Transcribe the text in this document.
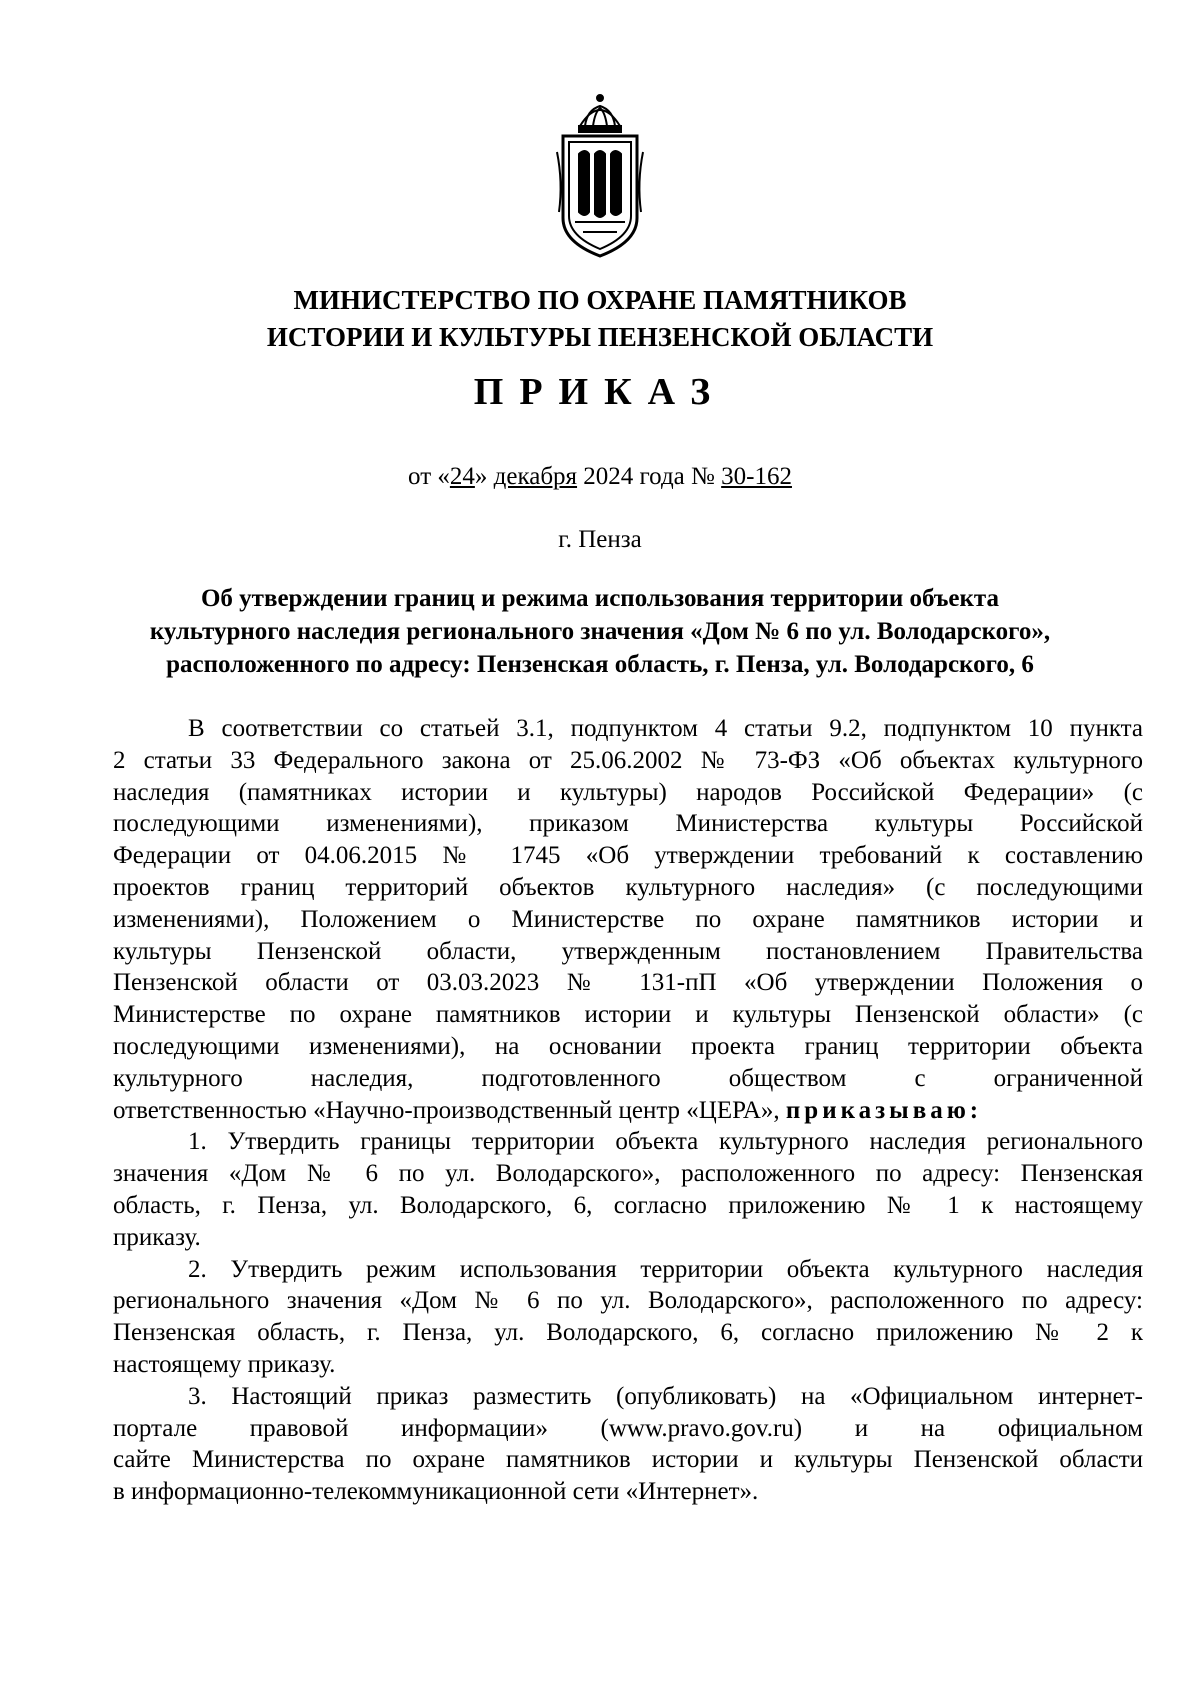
МИНИСТЕРСТВО ПО ОХРАНЕ ПАМЯТНИКОВ
ИСТОРИИ И КУЛЬТУРЫ ПЕНЗЕНСКОЙ ОБЛАСТИ
ПРИКАЗ
от «24» декабря 2024 года № 30-162
г. Пенза
Об утверждении границ и режима использования территории объекта
культурного наследия регионального значения «Дом № 6 по ул. Володарского»,
расположенного по адресу: Пензенская область, г. Пенза, ул. Володарского, 6
В соответствии со статьей 3.1, подпунктом 4 статьи 9.2, подпунктом 10 пункта
2 статьи 33 Федерального закона от 25.06.2002 № 73-ФЗ «Об объектах культурного
наследия (памятниках истории и культуры) народов Российской Федерации» (с
последующими изменениями), приказом Министерства культуры Российской
Федерации от 04.06.2015 № 1745 «Об утверждении требований к составлению
проектов границ территорий объектов культурного наследия» (с последующими
изменениями), Положением о Министерстве по охране памятников истории и
культуры Пензенской области, утвержденным постановлением Правительства
Пензенской области от 03.03.2023 № 131-пП «Об утверждении Положения о
Министерстве по охране памятников истории и культуры Пензенской области» (с
последующими изменениями), на основании проекта границ территории объекта
культурного наследия, подготовленного обществом с ограниченной
ответственностью «Научно-производственный центр «ЦЕРА», приказываю:
1. Утвердить границы территории объекта культурного наследия регионального
значения «Дом № 6 по ул. Володарского», расположенного по адресу: Пензенская
область, г. Пенза, ул. Володарского, 6, согласно приложению № 1 к настоящему
приказу.
2. Утвердить режим использования территории объекта культурного наследия
регионального значения «Дом № 6 по ул. Володарского», расположенного по адресу:
Пензенская область, г. Пенза, ул. Володарского, 6, согласно приложению № 2 к
настоящему приказу.
3. Настоящий приказ разместить (опубликовать) на «Официальном интернет-
портале правовой информации» (www.pravo.gov.ru) и на официальном
сайте Министерства по охране памятников истории и культуры Пензенской области
в информационно-телекоммуникационной сети «Интернет».
